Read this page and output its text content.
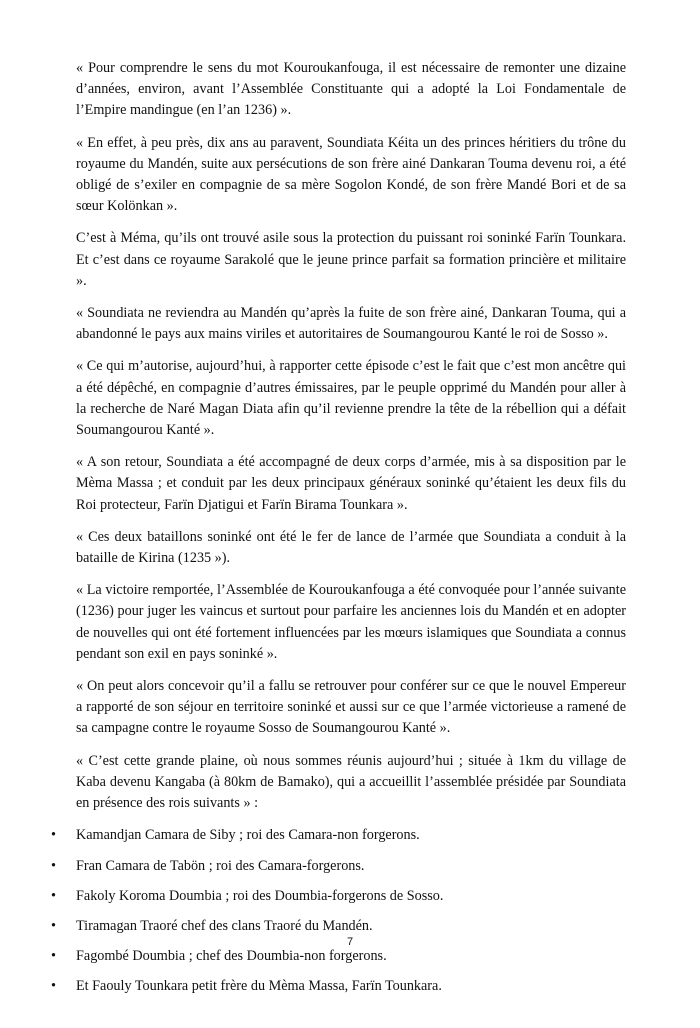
« Pour comprendre le sens du mot Kouroukanfouga, il est nécessaire de remonter une dizaine d’années, environ, avant l’Assemblée Constituante qui a adopté la Loi Fondamentale de l’Empire mandingue (en l’an 1236) ».

« En effet, à peu près, dix ans au paravent, Soundiata Kéita un des princes héritiers du trône du royaume du Mandén, suite aux persécutions de son frère ainé Dankaran Touma devenu roi, a été obligé de s’exiler en compagnie de sa mère Sogolon Kondé, de son frère Mandé Bori et de sa sœur Kolönkan ».

C’est à Méma, qu’ils ont trouvé asile sous la protection du puissant roi soninké Farïn Tounkara. Et c’est dans ce royaume Sarakolé que le jeune prince parfait sa formation princière et militaire ».

« Soundiata ne reviendra au Mandén qu’après la fuite de son frère ainé, Dankaran Touma, qui a abandonné le pays aux mains viriles et autoritaires de Soumangourou Kanté le roi de Sosso ».

« Ce qui m’autorise, aujourd’hui, à rapporter cette épisode c’est le fait que c’est mon ancêtre qui a été dépêché, en compagnie d’autres émissaires, par le peuple opprimé du Mandén pour aller à la recherche de Naré Magan Diata afin qu’il revienne prendre la tête de la rébellion qui a défait Soumangourou Kanté ».

« A son retour, Soundiata a été accompagné de deux corps d’armée, mis à sa disposition par le Mèma Massa ; et conduit par les deux principaux généraux soninké qu’étaient les deux fils du Roi protecteur, Farïn Djatigui et Farïn Birama Tounkara ».

« Ces deux bataillons soninké ont été le fer de lance de l’armée que Soundiata a conduit à la bataille de Kirina (1235 »).

« La victoire remportée, l’Assemblée de Kouroukanfouga a été convoquée pour l’année suivante (1236) pour juger les vaincus et surtout pour parfaire les anciennes lois du Mandén et en adopter de nouvelles qui ont été fortement influencées par les mœurs islamiques que Soundiata a connus pendant son exil en pays soninké ».

« On peut alors concevoir qu’il a fallu se retrouver pour conférer sur ce que le nouvel Empereur a rapporté de son séjour en territoire soninké et aussi sur ce que l’armée victorieuse a ramené de sa campagne contre le royaume Sosso de Soumangourou Kanté ».

« C’est cette grande plaine, où nous sommes réunis aujourd’hui ; située à 1km du village de Kaba devenu Kangaba (à 80km de Bamako), qui a accueillit l’assemblée présidée par Soundiata en présence des rois suivants » :

• Kamandjan Camara de Siby ; roi des Camara-non forgerons.
• Fran Camara de Tabön ; roi des Camara-forgerons.
• Fakoly Koroma Doumbia ; roi des Doumbia-forgerons de Sosso.
• Tiramagan Traoré chef des clans Traoré du Mandén.
• Fagombé Doumbia ; chef des Doumbia-non forgerons.
• Et Faouly Tounkara petit frère du Mèma Massa, Farïn Tounkara.
7
